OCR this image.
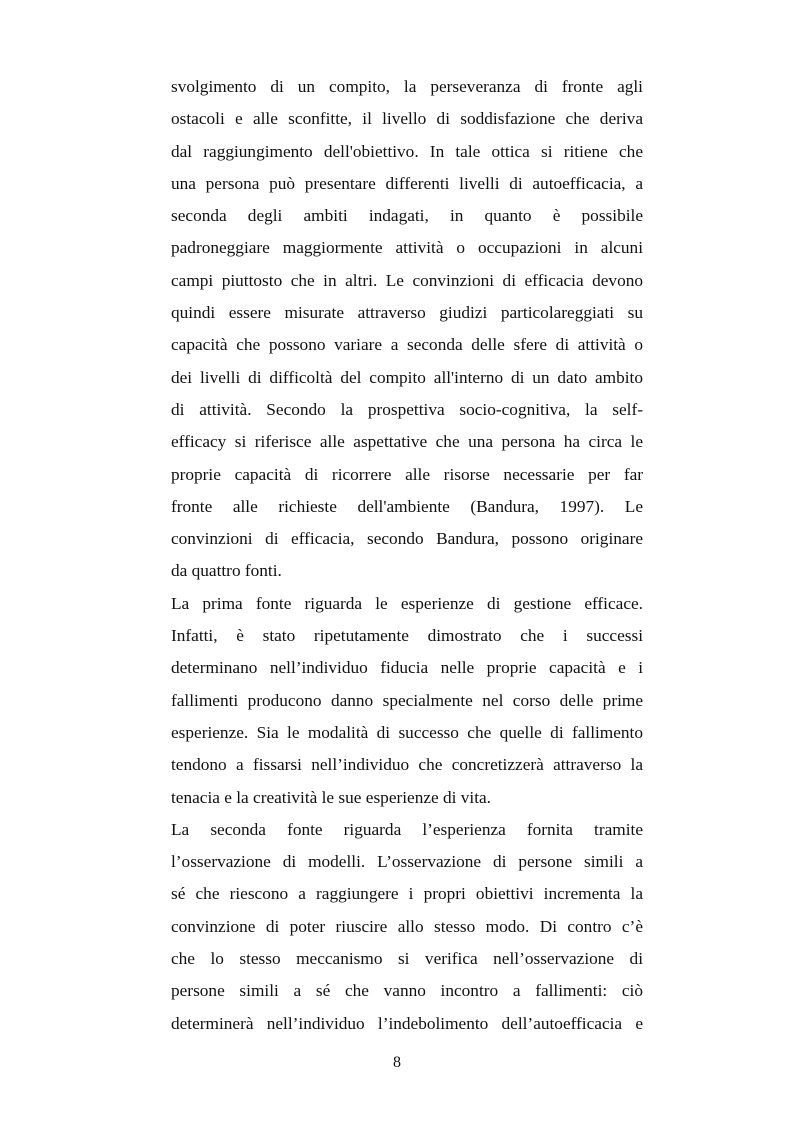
svolgimento di un compito, la perseveranza di fronte agli
ostacoli e alle sconfitte, il livello di soddisfazione che deriva
dal raggiungimento dell'obiettivo. In tale ottica si ritiene che
una persona può presentare differenti livelli di autoefficacia, a
seconda degli ambiti indagati, in quanto è possibile
padroneggiare maggiormente attività o occupazioni in alcuni
campi piuttosto che in altri. Le convinzioni di efficacia devono
quindi essere misurate attraverso giudizi particolareggiati su
capacità che possono variare a seconda delle sfere di attività o
dei livelli di difficoltà del compito all'interno di un dato ambito
di attività. Secondo la prospettiva socio-cognitiva, la self-
efficacy si riferisce alle aspettative che una persona ha circa le
proprie capacità di ricorrere alle risorse necessarie per far
fronte alle richieste dell'ambiente (Bandura, 1997). Le
convinzioni di efficacia, secondo Bandura, possono originare
da quattro fonti.
La prima fonte riguarda le esperienze di gestione efficace.
Infatti, è stato ripetutamente dimostrato che i successi
determinano nell’individuo fiducia nelle proprie capacità e i
fallimenti producono danno specialmente nel corso delle prime
esperienze. Sia le modalità di successo che quelle di fallimento
tendono a fissarsi nell’individuo che concretizzerà attraverso la
tenacia e la creatività le sue esperienze di vita.
La seconda fonte riguarda l’esperienza fornita tramite
l’osservazione di modelli. L’osservazione di persone simili a
sé che riescono a raggiungere i propri obiettivi incrementa la
convinzione di poter riuscire allo stesso modo. Di contro c’è
che lo stesso meccanismo si verifica nell’osservazione di
persone simili a sé che vanno incontro a fallimenti: ciò
determinerà nell’individuo l’indebolimento dell’autoefficacia e
8
